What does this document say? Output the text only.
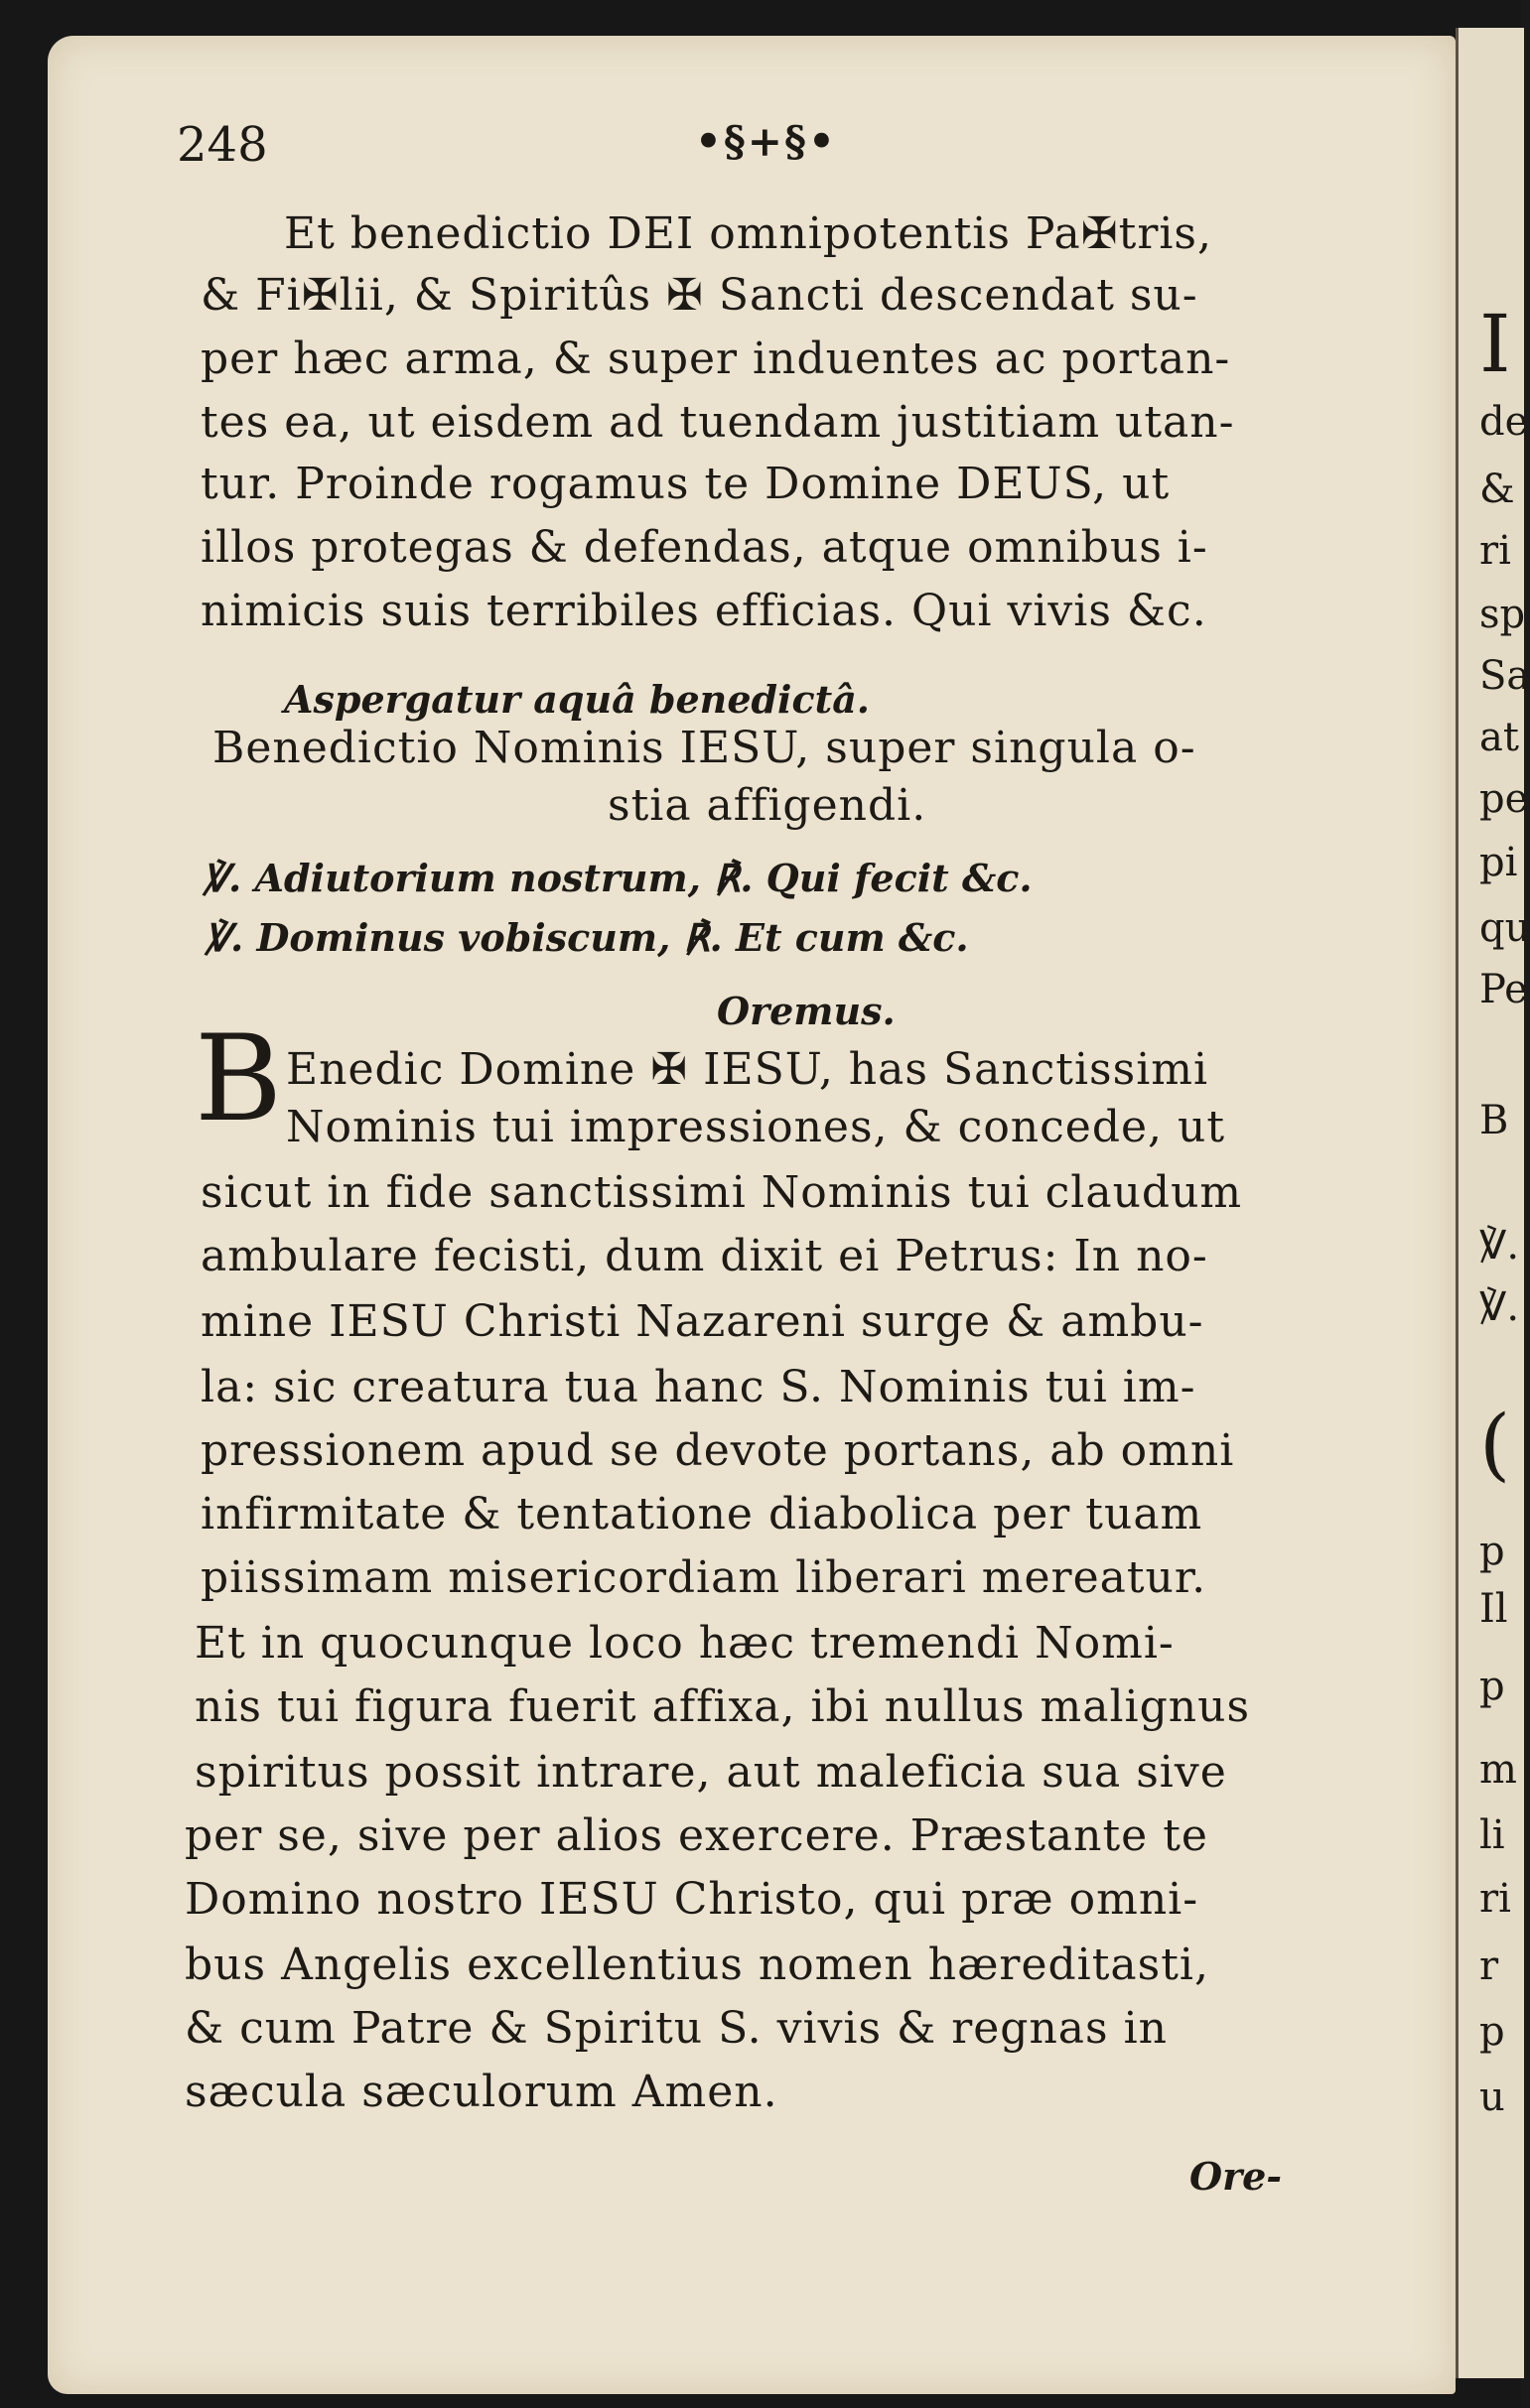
248	•§+§•
Et benedictio DEI omnipotentis Pa✠tris,
& Fi✠lii, & Spiritûs ✠ Sancti descendat su-
per hæc arma, & super induentes ac portan-
tes ea, ut eisdem ad tuendam justitiam utan-
tur. Proinde rogamus te Domine DEUS, ut
illos protegas & defendas, atque omnibus i-
nimicis suis terribiles efficias. Qui vivis &c.
Aspergatur aquâ benedictâ.
Benedictio Nominis IESU, super singula o-
stia affigendi.
℣. Adiutorium nostrum, ℟. Qui fecit &c.
℣. Dominus vobiscum, ℟. Et cum &c.
Oremus.
B Enedic Domine ✠ IESU, has Sanctissimi
Nominis tui impressiones, & concede, ut
sicut in fide sanctissimi Nominis tui claudum
ambulare fecisti, dum dixit ei Petrus: In no-
mine IESU Christi Nazareni surge & ambu-
la: sic creatura tua hanc S. Nominis tui im-
pressionem apud se devote portans, ab omni
infirmitate & tentatione diabolica per tuam
piissimam misericordiam liberari mereatur.
Et in quocunque loco hæc tremendi Nomi-
nis tui figura fuerit affixa, ibi nullus malignus
spiritus possit intrare, aut maleficia sua sive
per se, sive per alios exercere. Præstante te
Domino nostro IESU Christo, qui præ omni-
bus Angelis excellentius nomen hæreditasti,
& cum Patre & Spiritu S. vivis & regnas in
sæcula sæculorum Amen.
Ore-
I
de
&
ri
sp
Sa
at
pe
pi
qu
Pe
B
℣.
℣.
(
p
Il
p
m
li
ri
r
p
u
